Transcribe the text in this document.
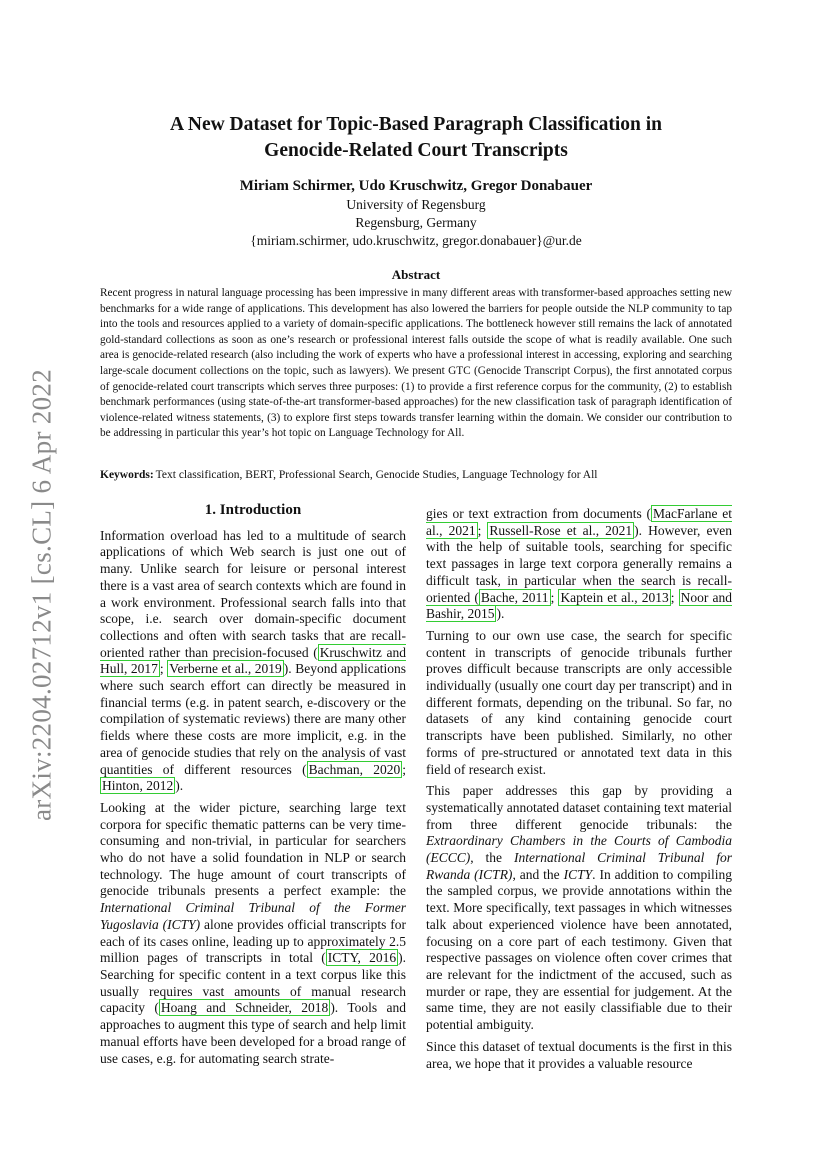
arXiv:2204.02712v1 [cs.CL] 6 Apr 2022
A New Dataset for Topic-Based Paragraph Classification in
Genocide-Related Court Transcripts
Miriam Schirmer, Udo Kruschwitz, Gregor Donabauer
University of Regensburg
Regensburg, Germany
{miriam.schirmer, udo.kruschwitz, gregor.donabauer}@ur.de
Abstract
Recent progress in natural language processing has been impressive in many different areas with transformer-based approaches setting new benchmarks for a wide range of applications. This development has also lowered the barriers for people outside the NLP community to tap into the tools and resources applied to a variety of domain-specific applications. The bottleneck however still remains the lack of annotated gold-standard collections as soon as one’s research or professional interest falls outside the scope of what is readily available. One such area is genocide-related research (also including the work of experts who have a professional interest in accessing, exploring and searching large-scale document collections on the topic, such as lawyers). We present GTC (Genocide Transcript Corpus), the first annotated corpus of genocide-related court transcripts which serves three purposes: (1) to provide a first reference corpus for the community, (2) to establish benchmark performances (using state-of-the-art transformer-based approaches) for the new classification task of paragraph identification of violence-related witness statements, (3) to explore first steps towards transfer learning within the domain. We consider our contribution to be addressing in particular this year’s hot topic on Language Technology for All.
Keywords: Text classification, BERT, Professional Search, Genocide Studies, Language Technology for All
1. Introduction

Information overload has led to a multitude of search applications of which Web search is just one out of many. Unlike search for leisure or personal interest there is a vast area of search contexts which are found in a work environment. Professional search falls into that scope, i.e. search over domain-specific document collections and often with search tasks that are recall-oriented rather than precision-focused ( Kruschwitz and Hull, 2017 ; Verberne et al., 2019 ). Beyond applications where such search effort can directly be measured in financial terms (e.g. in patent search, e-discovery or the compilation of systematic reviews) there are many other fields where these costs are more implicit, e.g. in the area of genocide studies that rely on the analysis of vast quantities of different resources ( Bachman, 2020 ; Hinton, 2012 ).

Looking at the wider picture, searching large text corpora for specific thematic patterns can be very time-consuming and non-trivial, in particular for searchers who do not have a solid foundation in NLP or search technology. The huge amount of court transcripts of genocide tribunals presents a perfect example: the International Criminal Tribunal of the Former Yugoslavia (ICTY) alone provides official transcripts for each of its cases online, leading up to approximately 2.5 million pages of transcripts in total ( ICTY, 2016 ). Searching for specific content in a text corpus like this usually requires vast amounts of manual research capacity ( Hoang and Schneider, 2018 ). Tools and approaches to augment this type of search and help limit manual efforts have been developed for a broad range of use cases, e.g. for automating search strate-

gies or text extraction from documents ( MacFarlane et al., 2021 ; Russell-Rose et al., 2021 ). However, even with the help of suitable tools, searching for specific text passages in large text corpora generally remains a difficult task, in particular when the search is recall-oriented ( Bache, 2011 ; Kaptein et al., 2013 ; Noor and Bashir, 2015 ).

Turning to our own use case, the search for specific content in transcripts of genocide tribunals further proves difficult because transcripts are only accessible individually (usually one court day per transcript) and in different formats, depending on the tribunal. So far, no datasets of any kind containing genocide court transcripts have been published. Similarly, no other forms of pre-structured or annotated text data in this field of research exist.

This paper addresses this gap by providing a systematically annotated dataset containing text material from three different genocide tribunals: the Extraordinary Chambers in the Courts of Cambodia (ECCC), the International Criminal Tribunal for Rwanda (ICTR), and the ICTY. In addition to compiling the sampled corpus, we provide annotations within the text. More specifically, text passages in which witnesses talk about experienced violence have been annotated, focusing on a core part of each testimony. Given that respective passages on violence often cover crimes that are relevant for the indictment of the accused, such as murder or rape, they are essential for judgement. At the same time, they are not easily classifiable due to their potential ambiguity.

Since this dataset of textual documents is the first in this area, we hope that it provides a valuable resource
